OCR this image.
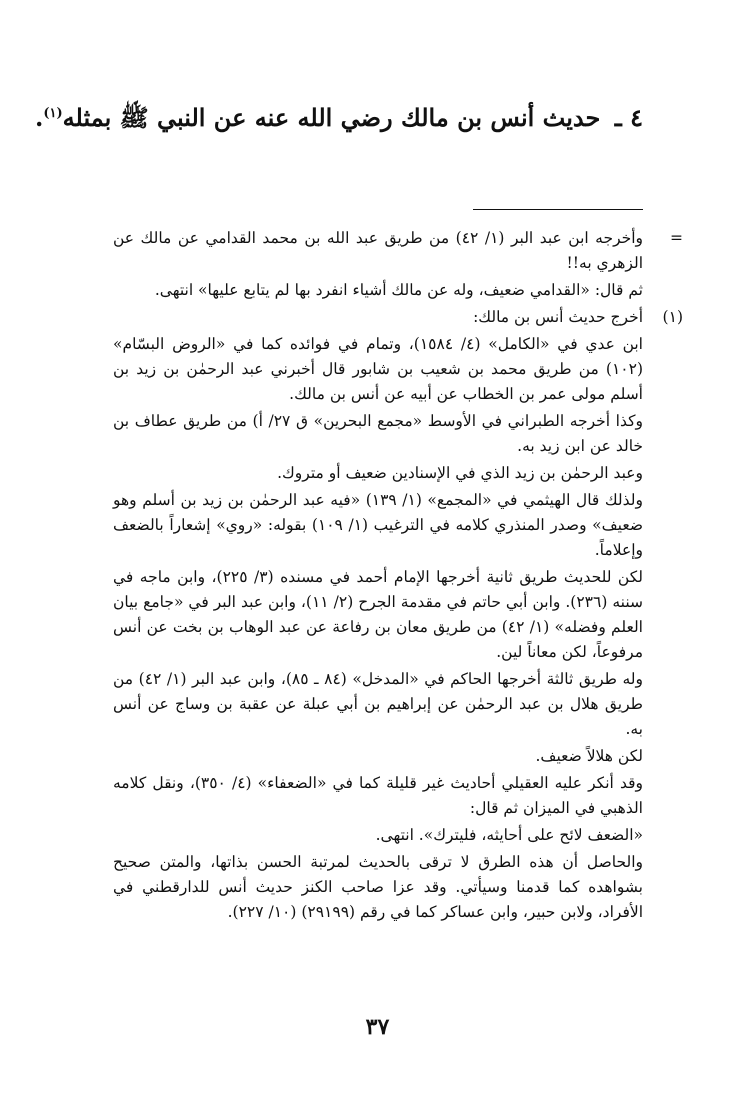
٤ ـ حديث أنس بن مالك رضي الله عنه عن النبي ﷺ بمثله$^{(١)}$.

=
وأخرجه ابن عبد البر (١/ ٤٢) من طريق عبد الله بن محمد القدامي عن مالك عن الزهري به!!

ثم قال: «القدامي ضعيف، وله عن مالك أشياء انفرد بها لم يتابع عليها» انتهى.

(١)
أخرج حديث أنس بن مالك:

ابن عدي في «الكامل» (٤/ ١٥٨٤)، وتمام في فوائده كما في «الروض البسّام» (١٠٢) من طريق محمد بن شعيب بن شابور قال أخبرني عبد الرحمٰن بن زيد بن أسلم مولى عمر بن الخطاب عن أبيه عن أنس بن مالك.

وكذا أخرجه الطبراني في الأوسط «مجمع البحرين» ق ٢٧/ أ) من طريق عطاف بن خالد عن ابن زيد به.

وعبد الرحمٰن بن زيد الذي في الإسنادين ضعيف أو متروك.

ولذلك قال الهيثمي في «المجمع» (١/ ١٣٩) «فيه عبد الرحمٰن بن زيد بن أسلم وهو ضعيف» وصدر المنذري كلامه في الترغيب (١/ ١٠٩) بقوله: «روي» إشعاراً بالضعف وإعلاماً.

لكن للحديث طريق ثانية أخرجها الإمام أحمد في مسنده (٣/ ٢٢٥)، وابن ماجه في سننه (٢٣٦). وابن أبي حاتم في مقدمة الجرح (٢/ ١١)، وابن عبد البر في «جامع بيان العلم وفضله» (١/ ٤٢) من طريق معان بن رفاعة عن عبد الوهاب بن بخت عن أنس مرفوعاً، لكن معاناً لين.

وله طريق ثالثة أخرجها الحاكم في «المدخل» (٨٤ ـ ٨٥)، وابن عبد البر (١/ ٤٢) من طريق هلال بن عبد الرحمٰن عن إبراهيم بن أبي عبلة عن عقبة بن وساج عن أنس به.

لكن هلالاً ضعيف.

وقد أنكر عليه العقيلي أحاديث غير قليلة كما في «الضعفاء» (٤/ ٣٥٠)، ونقل كلامه الذهبي في الميزان ثم قال:

«الضعف لائح على أحايثه، فليترك». انتهى.

والحاصل أن هذه الطرق لا ترقى بالحديث لمرتبة الحسن بذاتها، والمتن صحيح بشواهده كما قدمنا وسيأتي. وقد عزا صاحب الكنز حديث أنس للدارقطني في الأفراد، ولابن حبير، وابن عساكر كما في رقم (٢٩١٩٩) (١٠/ ٢٢٧).

٣٧
